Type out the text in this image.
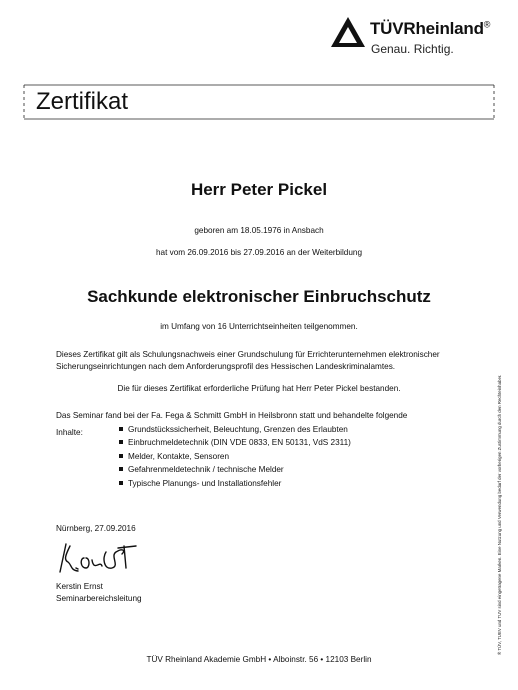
TÜVRheinland®
Genau. Richtig.
Zertifikat
Herr Peter Pickel
geboren am 18.05.1976 in Ansbach
hat vom 26.09.2016 bis 27.09.2016 an der Weiterbildung
Sachkunde elektronischer Einbruchschutz
im Umfang von 16 Unterrichtseinheiten teilgenommen.
Dieses Zertifikat gilt als Schulungsnachweis einer Grundschulung für Errichterunternehmen elektronischer
Sicherungseinrichtungen nach dem Anforderungsprofil des Hessischen Landeskriminalamtes.
Die für dieses Zertifikat erforderliche Prüfung hat Herr Peter Pickel bestanden.
Das Seminar fand bei der Fa. Fega & Schmitt GmbH in Heilsbronn statt und behandelte folgende
Inhalte:	Grundstückssicherheit, Beleuchtung, Grenzen des Erlaubten
Einbruchmeldetechnik (DIN VDE 0833, EN 50131, VdS 2311)
Melder, Kontakte, Sensoren
Gefahrenmeldetechnik / technische Melder
Typische Planungs- und Installationsfehler
Nürnberg, 27.09.2016
Kerstin Ernst
Seminarbereichsleitung
TÜV Rheinland Akademie GmbH • Alboinstr. 56 • 12103 Berlin
® TÜV, TUEV und TUV sind eingetragene Marken. Eine Nutzung und Verwendung bedarf der vorherigen Zustimmung durch den Rechteinhaber.
